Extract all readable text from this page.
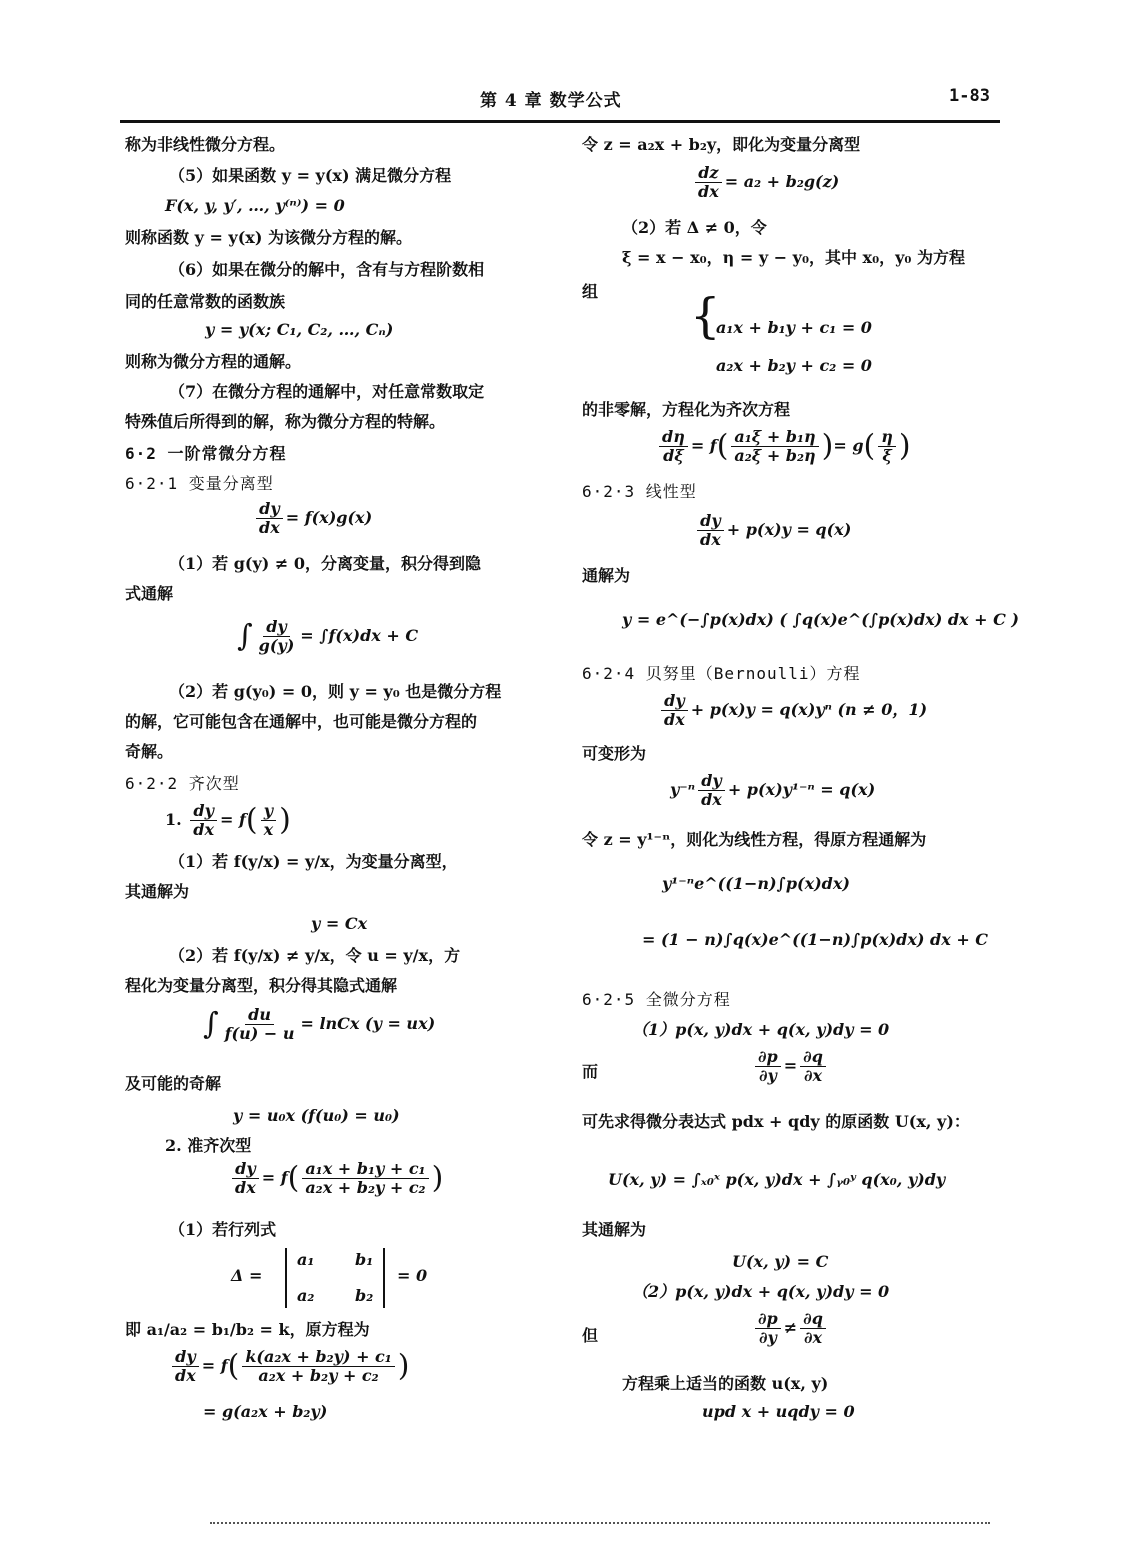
第 4 章 数学公式	1-83
称为非线性微分方程。
（5）如果函数 y = y(x) 满足微分方程
F(x, y, y′, …, y⁽ⁿ⁾) = 0
则称函数 y = y(x) 为该微分方程的解。
（6）如果在微分的解中，含有与方程阶数相
同的任意常数的函数族
y = y(x; C₁, C₂, …, Cₙ)
则称为微分方程的通解。
（7）在微分方程的通解中，对任意常数取定
特殊值后所得到的解，称为微分方程的特解。
6·2 一阶常微分方程
6·2·1 变量分离型
$\frac{dy}{dx} = f(x)g(x)$
（1）若 g(y) ≠ 0，分离变量，积分得到隐
式通解
∫ $\frac{dy}{g(y)} = \int f(x)dx + C$
（2）若 g(y₀) = 0，则 y = y₀ 也是微分方程
的解，它可能包含在通解中，也可能是微分方程的
奇解。
6·2·2 齐次型
1. $\frac{dy}{dx} = f( \frac{y}{x}$ )
（1）若 f(y/x) = y/x，为变量分离型，
其通解为
y = Cx
（2）若 f(y/x) ≠ y/x，令 u = y/x，方
程化为变量分离型，积分得其隐式通解
∫ $\frac{du}{f(u) - u}$ = lnCx (y = ux)
及可能的奇解
y = u₀x (f(u₀) = u₀)
2. 准齐次型
$\frac{dy}{dx} = f( \frac{\text{a₁x + b₁y + c₁}}{\text{a₂x + b₂y + c₂}}$ )
（1）若行列式
Δ =
a₁	b₁
a₂	b₂
= 0
即 a₁/a₂ = b₁/b₂ = k，原方程为
$\frac{dy}{dx} = f( \frac{\text{k(a₂x + b₂y) + c₁}}{\text{a₂x + b₂y + c₂}}$ )
= g(a₂x + b₂y)
令 z = a₂x + b₂y，即化为变量分离型
$\frac{dz}{dx} = a_2 + b_2g(z)$
（2）若 Δ ≠ 0，令
ξ = x − x₀，η = y − y₀，其中 x₀，y₀ 为方程
组 {
a₁x + b₁y + c₁ = 0
a₂x + b₂y + c₂ = 0
的非零解，方程化为齐次方程
$\frac{d\eta}{d\xi} = f( \frac{\text{a₁ξ + b₁η}}{\text{a₂ξ + b₂η}}$ )= $g( \frac{\eta}{\xi}$ )
6·2·3 线性型
$\frac{dy}{dx} + p(x)y = q(x)$
通解为
y = e^(−∫p(x)dx) ( ∫q(x)e^(∫p(x)dx) dx + C )
6·2·4 贝努里（Bernoulli）方程
$\frac{dy}{dx} + p(x)y = q(x)y^n$ (n ≠ 0，1)
可变形为
$y^{-n} \frac{dy}{dx} + p(x)y^{1-n} = q(x)$
令 z = y¹⁻ⁿ，则化为线性方程，得原方程通解为
y¹⁻ⁿe^((1−n)∫p(x)dx)
= (1 − n)∫q(x)e^((1−n)∫p(x)dx) dx + C
6·2·5 全微分方程
（1）p(x, y)dx + q(x, y)dy = 0
而	$\frac{\partial p}{\partial y} = \frac{\partial q}{\partial x}$
可先求得微分表达式 pdx + qdy 的原函数 U(x, y)：
U(x, y) = ∫ₓ₀ˣ p(x, y)dx + ∫ᵧ₀ʸ q(x₀, y)dy
其通解为
U(x, y) = C
（2）p(x, y)dx + q(x, y)dy = 0
但	$\frac{\partial p}{\partial y} \ne \frac{\partial q}{\partial x}$
方程乘上适当的函数 u(x, y)
upd x + uqdy = 0
